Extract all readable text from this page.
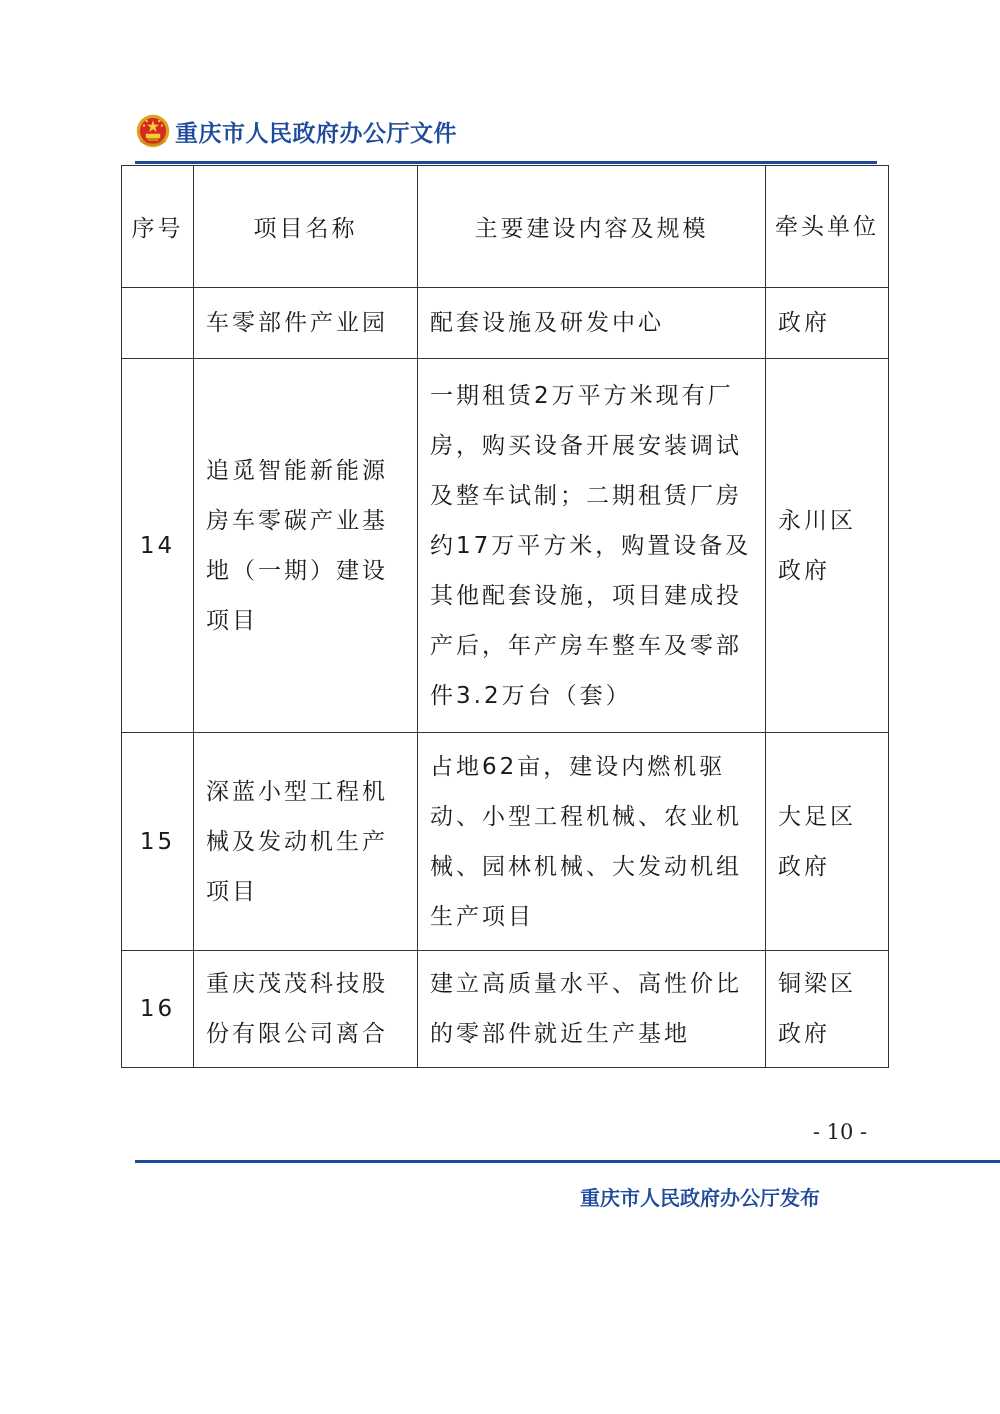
重庆市人民政府办公厅文件
序号	项目名称	主要建设内容及规模	牵头单位
	车零部件产业园	配套设施及研发中心	政府
14	追觅智能新能源房车零碳产业基地（一期）建设项目	一期租赁2万平方米现有厂房，购买设备开展安装调试及整车试制；二期租赁厂房约17万平方米，购置设备及其他配套设施，项目建成投产后，年产房车整车及零部件3.2万台（套）	永川区政府
15	深蓝小型工程机械及发动机生产项目	占地62亩，建设内燃机驱动、小型工程机械、农业机械、园林机械、大发动机组生产项目	大足区政府
16	重庆茂茂科技股份有限公司离合	建立高质量水平、高性价比的零部件就近生产基地	铜梁区政府
- 10 -
重庆市人民政府办公厅发布
